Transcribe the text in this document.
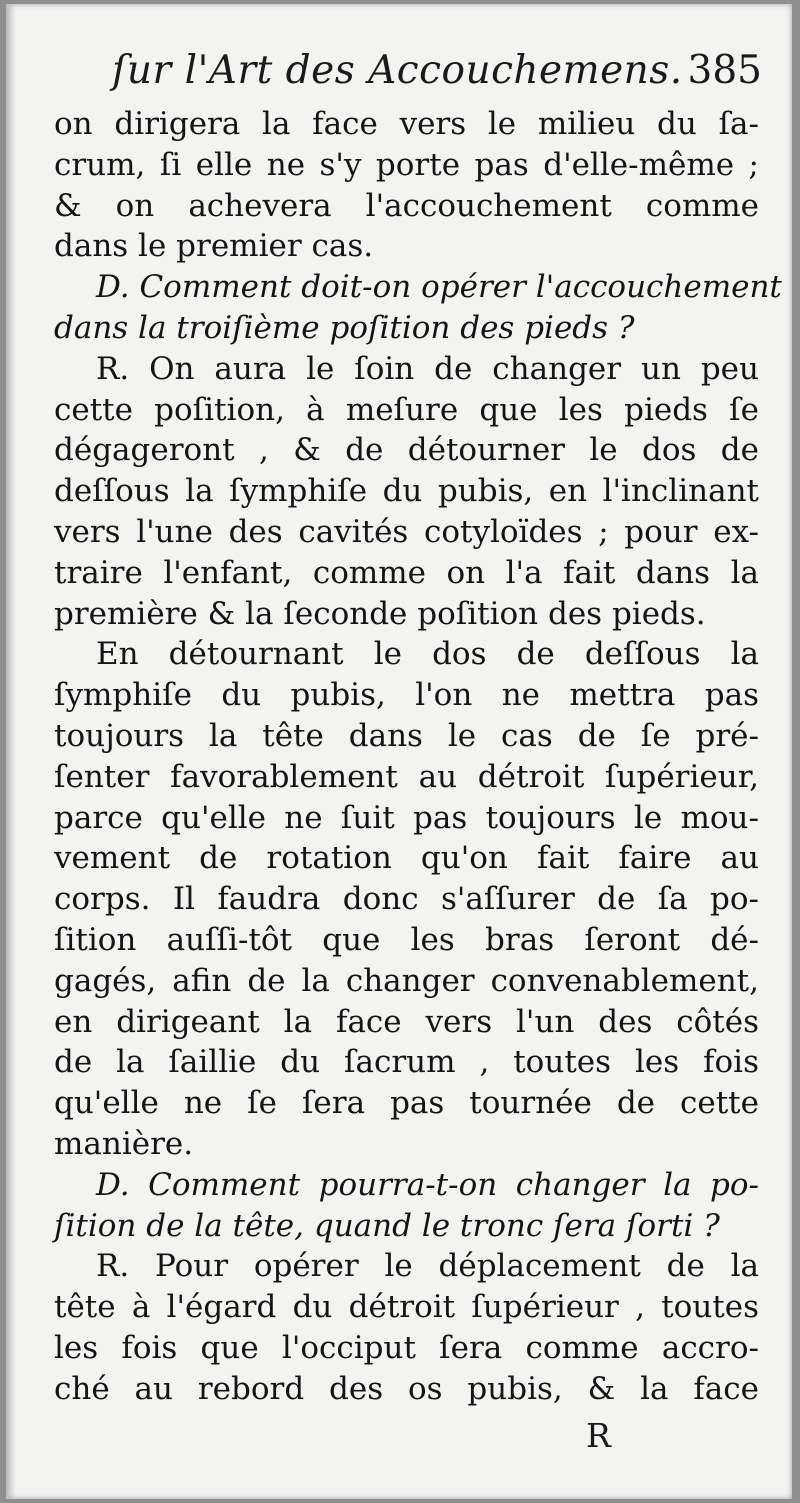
ſur l'Art des Accouchemens. 385
on dirigera la face vers le milieu du ſa-
crum, ſi elle ne s'y porte pas d'elle-même ;
& on achevera l'accouchement comme
dans le premier cas.
D. Comment doit-on opérer l'accouchement
dans la troiſième poſition des pieds ?
R. On aura le ſoin de changer un peu
cette poſition, à meſure que les pieds ſe
dégageront , & de détourner le dos de
deſſous la ſymphiſe du pubis, en l'inclinant
vers l'une des cavités cotyloïdes ; pour ex-
traire l'enfant, comme on l'a fait dans la
première & la ſeconde poſition des pieds.
En détournant le dos de deſſous la
ſymphiſe du pubis, l'on ne mettra pas
toujours la tête dans le cas de ſe pré-
ſenter favorablement au détroit ſupérieur,
parce qu'elle ne ſuit pas toujours le mou-
vement de rotation qu'on fait faire au
corps. Il faudra donc s'aſſurer de ſa po-
ſition auſſi-tôt que les bras ſeront dé-
gagés, afin de la changer convenablement,
en dirigeant la face vers l'un des côtés
de la ſaillie du ſacrum , toutes les fois
qu'elle ne ſe ſera pas tournée de cette
manière.
D. Comment pourra-t-on changer la po-
ſition de la tête, quand le tronc ſera ſorti ?
R. Pour opérer le déplacement de la
tête à l'égard du détroit ſupérieur , toutes
les fois que l'occiput ſera comme accro-
ché au rebord des os pubis, & la face
R
